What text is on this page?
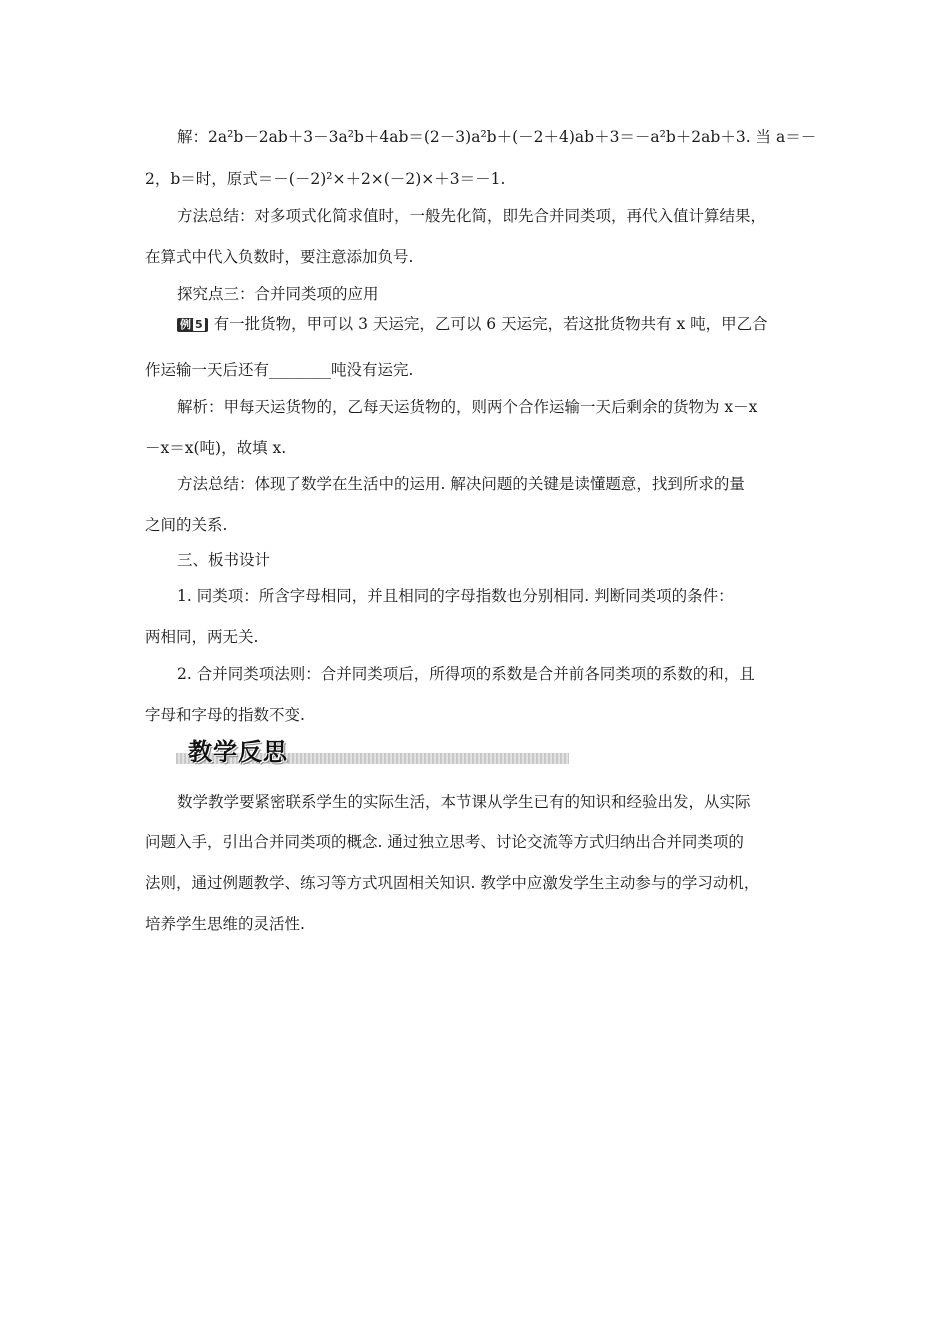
解：2a²b－2ab＋3－3a²b＋4ab＝(2－3)a²b＋(－2＋4)ab＋3＝－a²b＋2ab＋3. 当 a＝－
2，b＝时，原式＝－(－2)²×＋2×(－2)×＋3＝－1.
方法总结：对多项式化简求值时，一般先化简，即先合并同类项，再代入值计算结果，
在算式中代入负数时，要注意添加负号.
探究点三：合并同类项的应用
例 5 有一批货物，甲可以 3 天运完，乙可以 6 天运完，若这批货物共有 x 吨，甲乙合
作运输一天后还有________吨没有运完.
解析：甲每天运货物的，乙每天运货物的，则两个合作运输一天后剩余的货物为 x－x
－x＝x(吨)，故填 x.
方法总结：体现了数学在生活中的运用. 解决问题的关键是读懂题意，找到所求的量
之间的关系.
三、板书设计
1. 同类项：所含字母相同，并且相同的字母指数也分别相同. 判断同类项的条件：
两相同，两无关.
2. 合并同类项法则：合并同类项后，所得项的系数是合并前各同类项的系数的和，且
字母和字母的指数不变.
教学反思
数学教学要紧密联系学生的实际生活，本节课从学生已有的知识和经验出发，从实际
问题入手，引出合并同类项的概念. 通过独立思考、讨论交流等方式归纳出合并同类项的
法则，通过例题教学、练习等方式巩固相关知识. 教学中应激发学生主动参与的学习动机，
培养学生思维的灵活性.
